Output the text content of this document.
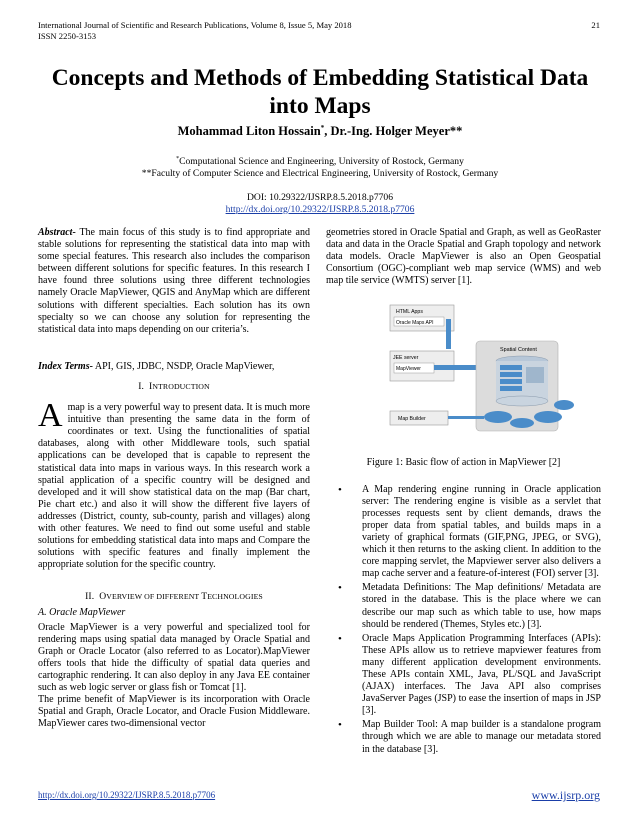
International Journal of Scientific and Research Publications, Volume 8, Issue 5, May 2018
ISSN 2250-3153
21
Concepts and Methods of Embedding Statistical Data into Maps
Mohammad Liton Hossain*, Dr.-Ing. Holger Meyer**
*Computational Science and Engineering, University of Rostock, Germany
**Faculty of Computer Science and Electrical Engineering, University of Rostock, Germany
DOI: 10.29322/IJSRP.8.5.2018.p7706
http://dx.doi.org/10.29322/IJSRP.8.5.2018.p7706

Abstract- The main focus of this study is to find appropriate and stable solutions for representing the statistical data into map with some special features. This research also includes the comparison between different solutions for specific features. In this research I have found three solutions using three different technologies namely Oracle MapViewer, QGIS and AnyMap which are different solutions with different specialties. Each solution has its own specialty so we can choose any solution for representing the statistical data into maps depending on our criteria’s.

Index Terms- API, GIS, JDBC, NSDP, Oracle MapViewer,

I. INTRODUCTION

A map is a very powerful way to present data. It is much more intuitive than presenting the same data in the form of coordinates or text. Using the functionalities of spatial databases, along with other Middleware tools, such spatial applications can be developed that is capable to represent the statistical data into maps in various ways. In this research work a spatial application of a specific country will be designed and developed and it will show statistical data on the map (Bar chart, Pie chart etc.) and also it will show the different five layers of addresses (District, county, sub-county, parish and villages) along with other features. We need to find out some useful and stable solutions for embedding statistical data into maps and Compare the solutions with specific features and finally implement the appropriate solution for the specific country.

II. OVERVIEW OF DIFFERENT TECHNOLOGIES
A. Oracle MapViewer

Oracle MapViewer is a very powerful and specialized tool for rendering maps using spatial data managed by Oracle Spatial and Graph or Oracle Locator (also referred to as Locator).MapViewer offers tools that hide the difficulty of spatial data queries and cartographic rendering. It can also deploy in any Java EE container such as web logic server or glass fish or Tomcat [1].

The prime benefit of MapViewer is its incorporation with Oracle Spatial and Graph, Oracle Locator, and Oracle Fusion Middleware. MapViewer cares two-dimensional vector

geometries stored in Oracle Spatial and Graph, as well as GeoRaster data and data in the Oracle Spatial and Graph topology and network data models. Oracle MapViewer is also an Open Geospatial Consortium (OGC)-compliant web map service (WMS) and web map tile service (WMTS) server [1].

HTML Apps
Oracle Maps API
JEE server
MapViewer
Spatial Content
Map Builder
Figure 1: Basic flow of action in MapViewer [2]
• A Map rendering engine running in Oracle application server: The rendering engine is visible as a servlet that processes requests sent by client demands, draws the proper data from spatial tables, and builds maps in a variety of graphical formats (GIF,PNG, JPEG, or SVG), which it then returns to the asking client. In addition to the core mapping servlet, the Mapviewer server also delivers a map cache server and a feature-of-interest (FOI) server [3].
• Metadata Definitions: The Map definitions/ Metadata are stored in the database. This is the place where we can describe our map such as which table to use, how maps should be rendered (Themes, Styles etc.) [3].
• Oracle Maps Application Programming Interfaces (APIs): These APIs allow us to retrieve mapviewer features from many different application development environments. These APIs contain XML, Java, PL/SQL and JavaScript (AJAX) interfaces. The Java API also comprises JavaServer Pages (JSP) to ease the insertion of maps in JSP [3].
• Map Builder Tool: A map builder is a standalone program through which we are able to manage our metadata stored in the database [3].
http://dx.doi.org/10.29322/IJSRP.8.5.2018.p7706	www.ijsrp.org
